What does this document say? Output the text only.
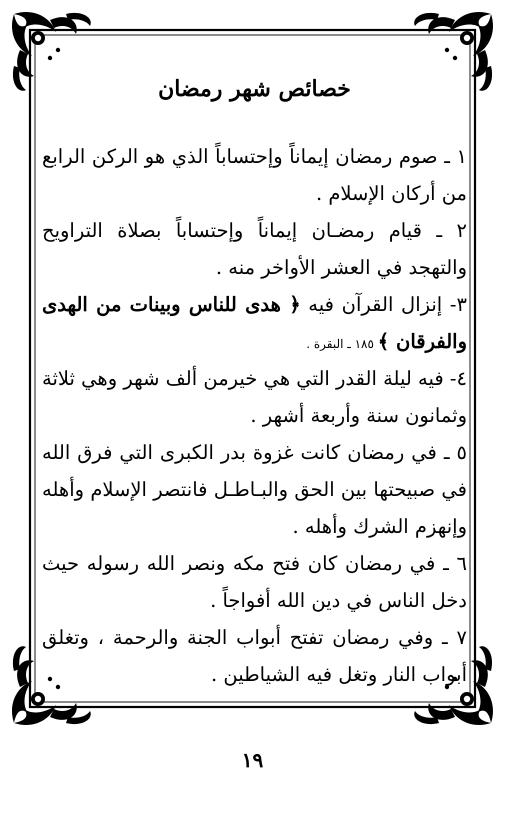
خصائص شهر رمضان
١ ـ صوم رمضان إيماناً وإحتساباً الذي هو الركن الرابع من أركان الإسلام .
٢ ـ قيام رمضـان إيماناً وإحتساباً بصلاة التراويح والتهجد في العشر الأواخر منه .
٣- إنزال القرآن فيه ﴿ هدى للناس وبينات من الهدى والفرقان ﴾ ١٨٥ ـ البقرة .
٤- فيه ليلة القدر التي هي خيرمن ألف شهر وهي ثلاثة وثمانون سنة وأربعة أشهر .
٥ ـ في رمضان كانت غزوة بدر الكبرى التي فرق الله في صبيحتها بين الحق والبـاطـل فانتصر الإسلام وأهله وإنهزم الشرك وأهله .
٦ ـ في رمضان كان فتح مكه ونصر الله رسوله حيث دخل الناس في دين الله أفواجاً .
٧ ـ وفي رمضان تفتح أبواب الجنة والرحمة ، وتغلق أبواب النار وتغل فيه الشياطين .
١٩
